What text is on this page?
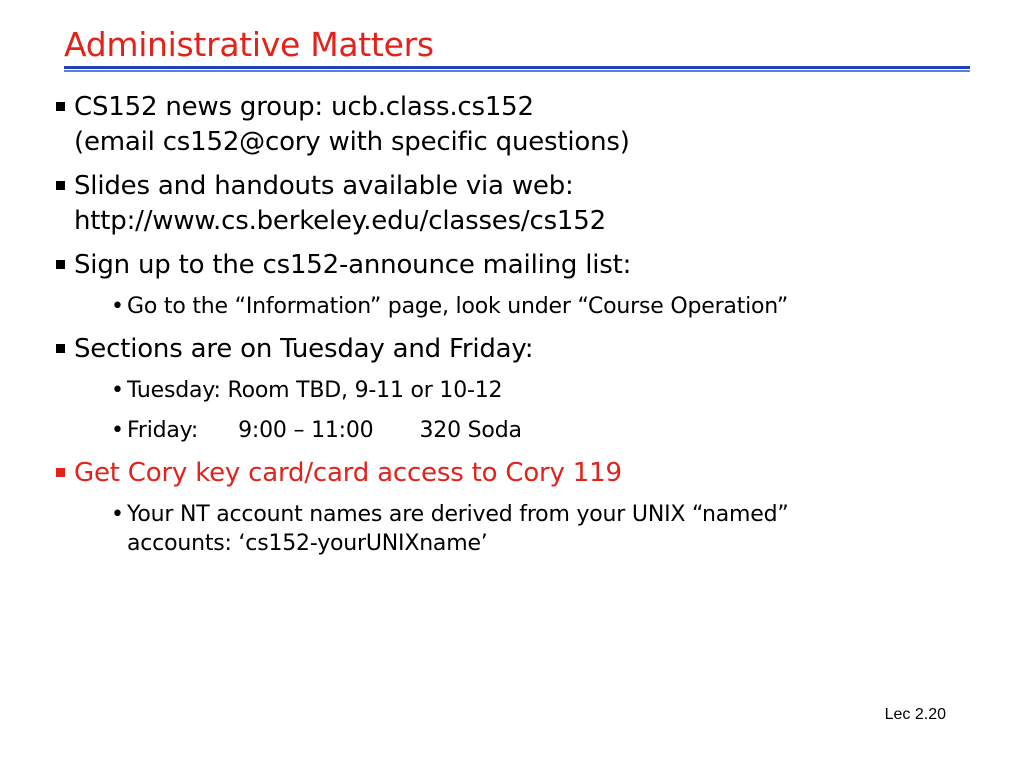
Administrative Matters
CS152 news group: ucb.class.cs152
(email cs152@cory with specific questions)
Slides and handouts available via web:
http://www.cs.berkeley.edu/classes/cs152
Sign up to the cs152-announce mailing list:
• Go to the “Information” page, look under “Course Operation”
Sections are on Tuesday and Friday:
• Tuesday: Room TBD, 9-11 or 10-12
• Friday: 9:00 – 11:00 320 Soda
Get Cory key card/card access to Cory 119
• Your NT account names are derived from your UNIX “named”
accounts: ‘cs152-yourUNIXname’
Lec 2.20
